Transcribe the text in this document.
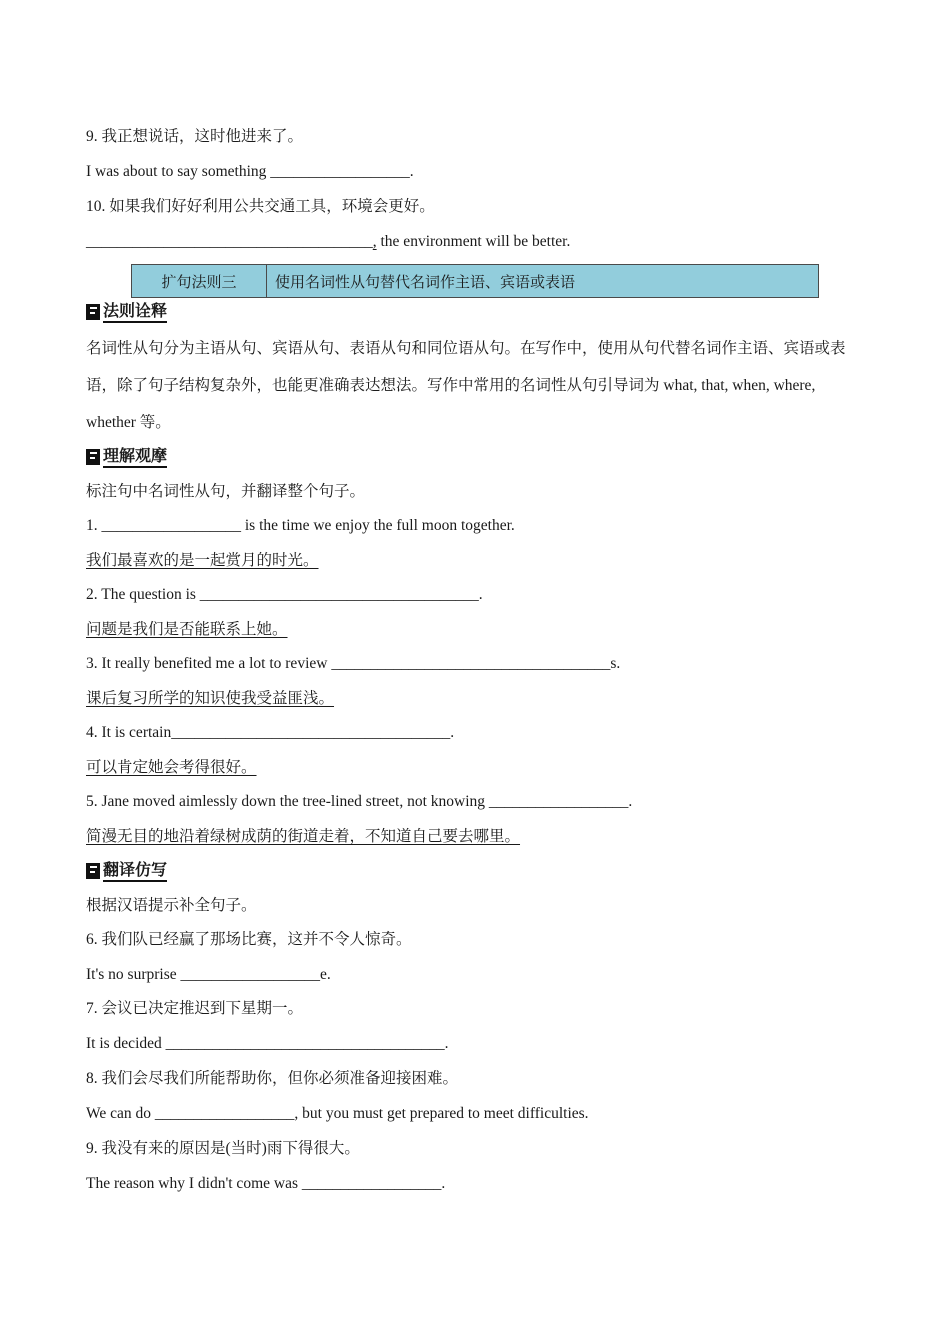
9. 我正想说话，这时他进来了。
I was about to say something __________________.
10. 如果我们好好利用公共交通工具，环境会更好。
_____________________________________, the environment will be better.
扩句法则三	使用名词性从句替代名词作主语、宾语或表语
法则诠释
名词性从句分为主语从句、宾语从句、表语从句和同位语从句。在写作中，使用从句代替名词作主语、宾语或表语，除了句子结构复杂外，也能更准确表达想法。写作中常用的名词性从句引导词为 what, that, when, where, whether 等。
理解观摩
标注句中名词性从句，并翻译整个句子。
1. __________________ is the time we enjoy the full moon together.
我们最喜欢的是一起赏月的时光。
2. The question is ____________________________________.
问题是我们是否能联系上她。
3. It really benefited me a lot to review ____________________________________s.
课后复习所学的知识使我受益匪浅。
4. It is certain____________________________________.
可以肯定她会考得很好。
5. Jane moved aimlessly down the tree-lined street, not knowing __________________.
简漫无目的地沿着绿树成荫的街道走着，不知道自己要去哪里。
翻译仿写
根据汉语提示补全句子。
6. 我们队已经赢了那场比赛，这并不令人惊奇。
It's no surprise __________________e.
7. 会议已决定推迟到下星期一。
It is decided ____________________________________.
8. 我们会尽我们所能帮助你，但你必须准备迎接困难。
We can do __________________, but you must get prepared to meet difficulties.
9. 我没有来的原因是(当时)雨下得很大。
The reason why I didn't come was __________________.
